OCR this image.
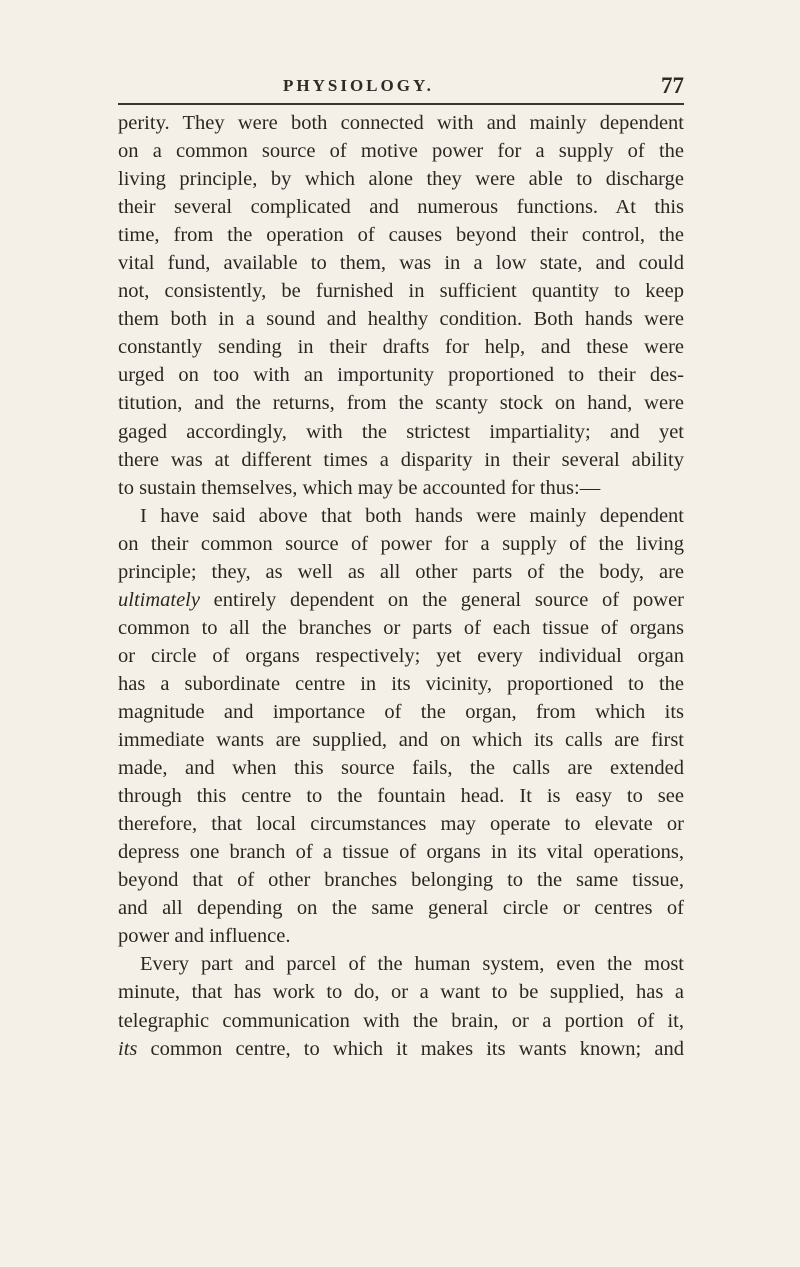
PHYSIOLOGY.	77
perity. They were both connected with and mainly dependent
on a common source of motive power for a supply of the
living principle, by which alone they were able to discharge
their several complicated and numerous functions. At this
time, from the operation of causes beyond their control, the
vital fund, available to them, was in a low state, and could
not, consistently, be furnished in sufficient quantity to keep
them both in a sound and healthy condition. Both hands were
constantly sending in their drafts for help, and these were
urged on too with an importunity proportioned to their des-
titution, and the returns, from the scanty stock on hand, were
gaged accordingly, with the strictest impartiality; and yet
there was at different times a disparity in their several ability
to sustain themselves, which may be accounted for thus:—
I have said above that both hands were mainly dependent
on their common source of power for a supply of the living
principle; they, as well as all other parts of the body, are
ultimately entirely dependent on the general source of power
common to all the branches or parts of each tissue of organs
or circle of organs respectively; yet every individual organ
has a subordinate centre in its vicinity, proportioned to the
magnitude and importance of the organ, from which its
immediate wants are supplied, and on which its calls are first
made, and when this source fails, the calls are extended
through this centre to the fountain head. It is easy to see
therefore, that local circumstances may operate to elevate or
depress one branch of a tissue of organs in its vital operations,
beyond that of other branches belonging to the same tissue,
and all depending on the same general circle or centres of
power and influence.
Every part and parcel of the human system, even the most
minute, that has work to do, or a want to be supplied, has a
telegraphic communication with the brain, or a portion of it,
its common centre, to which it makes its wants known; and
